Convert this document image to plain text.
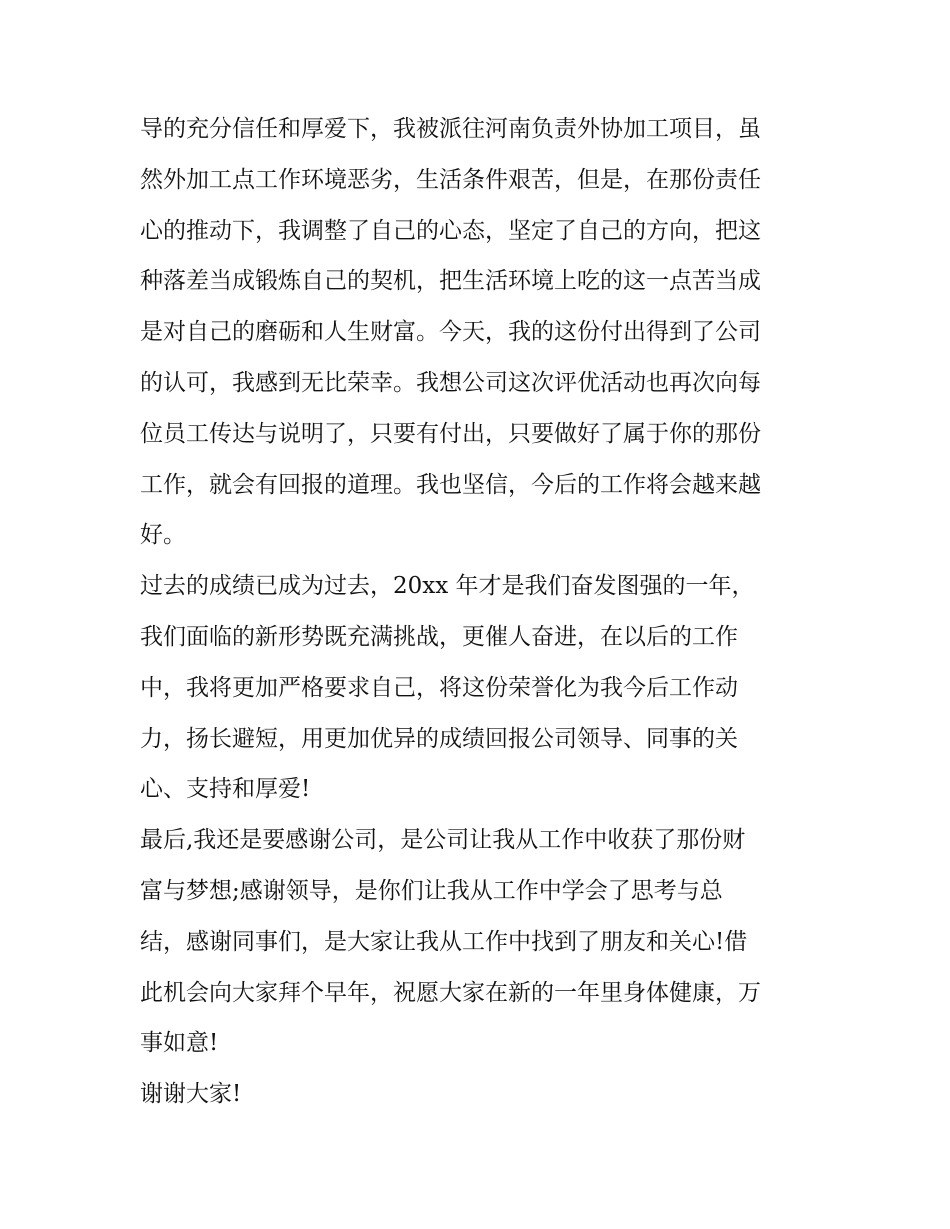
导的充分信任和厚爱下，我被派往河南负责外协加工项目，虽
然外加工点工作环境恶劣，生活条件艰苦，但是，在那份责任
心的推动下，我调整了自己的心态，坚定了自己的方向，把这
种落差当成锻炼自己的契机，把生活环境上吃的这一点苦当成
是对自己的磨砺和人生财富。今天，我的这份付出得到了公司
的认可，我感到无比荣幸。我想公司这次评优活动也再次向每
位员工传达与说明了，只要有付出，只要做好了属于你的那份
工作，就会有回报的道理。我也坚信，今后的工作将会越来越
好。
过去的成绩已成为过去，20xx 年才是我们奋发图强的一年，
我们面临的新形势既充满挑战，更催人奋进，在以后的工作
中，我将更加严格要求自己，将这份荣誉化为我今后工作动
力，扬长避短，用更加优异的成绩回报公司领导、同事的关
心、支持和厚爱!
最后,我还是要感谢公司，是公司让我从工作中收获了那份财
富与梦想;感谢领导，是你们让我从工作中学会了思考与总
结，感谢同事们，是大家让我从工作中找到了朋友和关心!借
此机会向大家拜个早年，祝愿大家在新的一年里身体健康，万
事如意!
谢谢大家!
